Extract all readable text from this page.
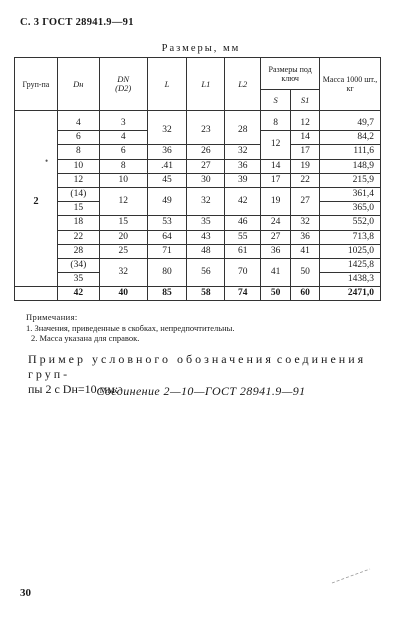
С. 3 ГОСТ 28941.9—91
Размеры, мм
Груп-па	Dн	DN
(D2)	L	L1	L2	Размеры под ключ		Масса 1000 шт., кг
						S	S1	

2	4	3	32	23	28	8	12	49,7
	6	4				12	14	84,2
	8	6	36	26	32		17	111,6
	10	8	.41	27	36	14	19	148,9
	12	10	45	30	39	17	22	215,9
	(14)	12	49	32	42	19	27	361,4
	15							365,0
	18	15	53	35	46	24	32	552,0
	22	20	64	43	55	27	36	713,8
	28	25	71	48	61	36	41	1025,0
	(34)	32	80	56	70	41	50	1425,8
	35							1438,3
	42	40	85	58	74	50	60	2471,0
•
Примечания:
1. Значения, приведенные в скобках, непредпочтительны.
2. Масса указана для справок.
Пример условного обозначения соединения груп-
пы 2 с Dн=10 мм:
Соединение 2—10—ГОСТ 28941.9—91
30
